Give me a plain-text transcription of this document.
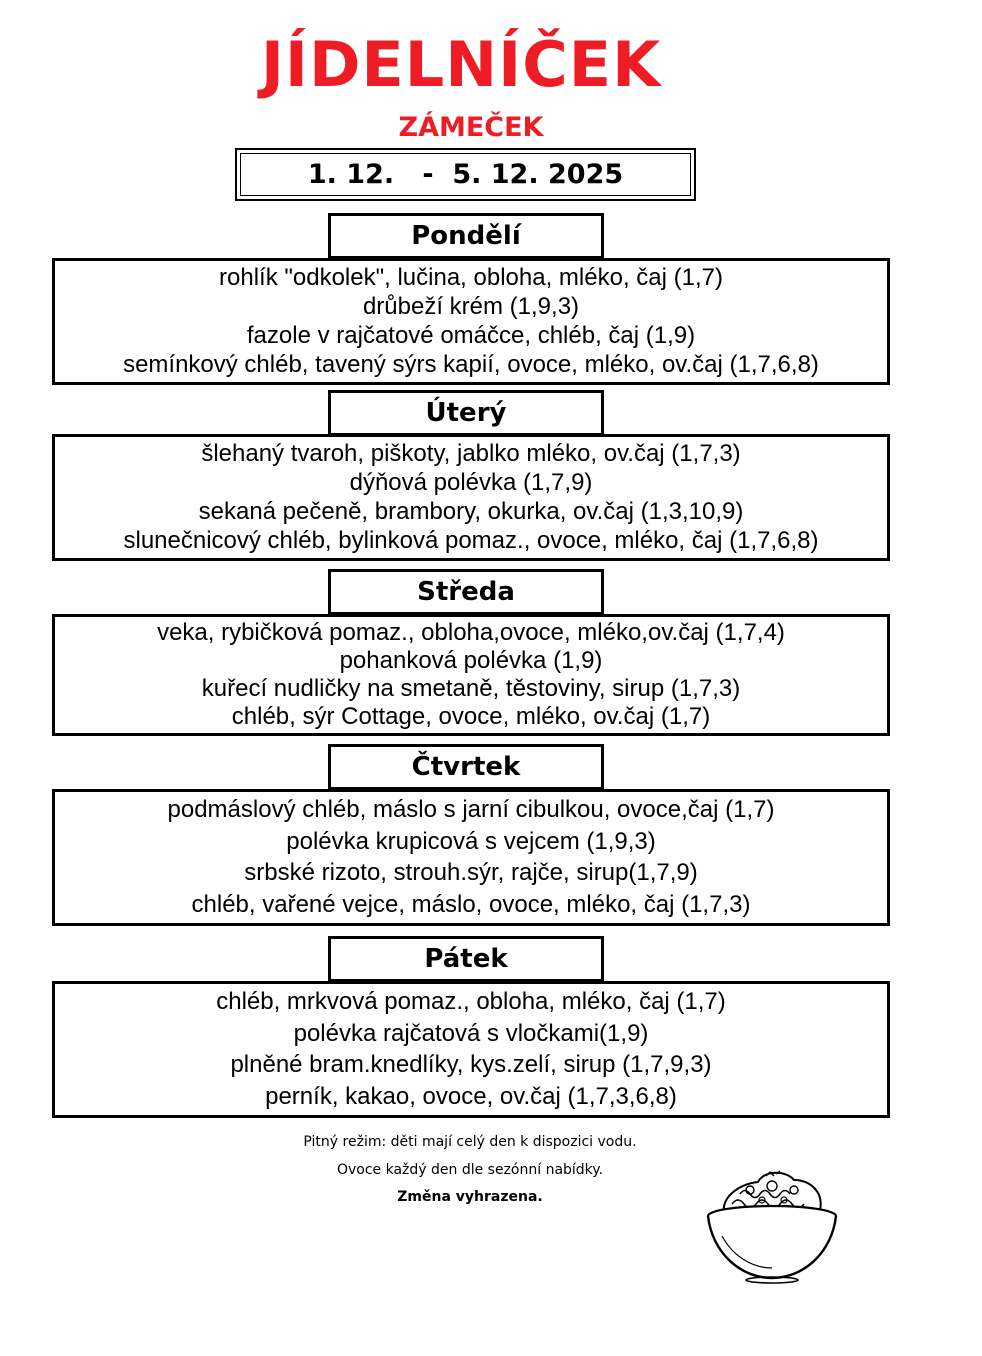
JÍDELNÍČEK
ZÁMEČEK
1. 12.   -  5. 12. 2025
Pondělí
rohlík "odkolek", lučina, obloha, mléko, čaj (1,7)
drůbeží krém (1,9,3)
fazole v rajčatové omáčce, chléb, čaj (1,9)
semínkový chléb, tavený sýrs kapií, ovoce, mléko, ov.čaj (1,7,6,8)
Úterý
šlehaný tvaroh, piškoty, jablko mléko, ov.čaj (1,7,3)
dýňová polévka (1,7,9)
sekaná pečeně, brambory, okurka, ov.čaj (1,3,10,9)
slunečnicový chléb, bylinková pomaz., ovoce, mléko, čaj (1,7,6,8)
Středa
veka, rybičková pomaz., obloha,ovoce, mléko,ov.čaj (1,7,4)
pohanková polévka (1,9)
kuřecí nudličky na smetaně, těstoviny, sirup (1,7,3)
chléb, sýr Cottage, ovoce, mléko, ov.čaj (1,7)
Čtvrtek
podmáslový chléb, máslo s jarní cibulkou, ovoce,čaj (1,7)
polévka krupicová s vejcem (1,9,3)
srbské rizoto, strouh.sýr, rajče, sirup(1,7,9)
chléb, vařené vejce, máslo, ovoce, mléko, čaj (1,7,3)
Pátek
chléb, mrkvová pomaz., obloha, mléko, čaj (1,7)
polévka rajčatová s vločkami(1,9)
plněné bram.knedlíky, kys.zelí, sirup (1,7,9,3)
perník, kakao, ovoce, ov.čaj (1,7,3,6,8)
Pitný režim: děti mají celý den k dispozici vodu.
Ovoce každý den dle sezónní nabídky.
Změna vyhrazena.
